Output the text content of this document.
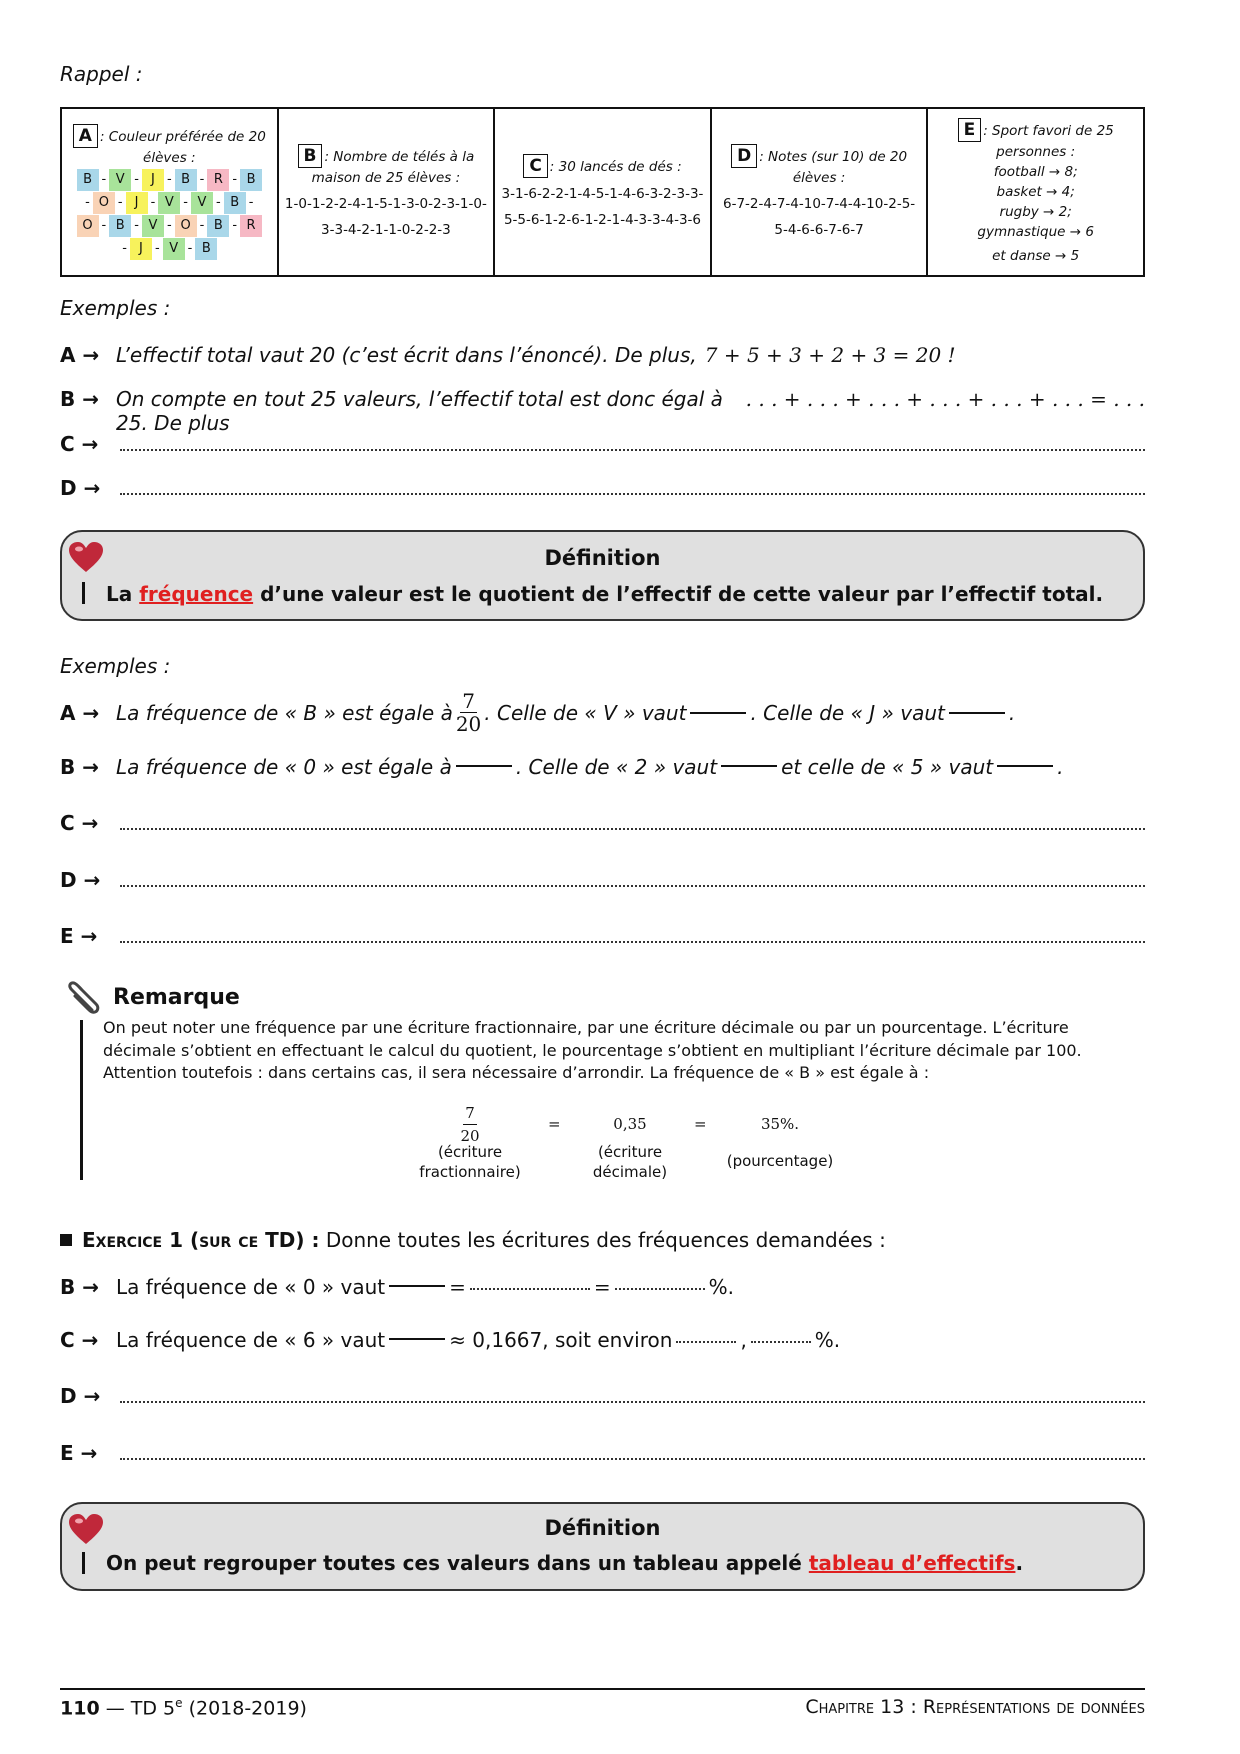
Rappel :
A : Couleur préférée de 20 élèves :
B - V - J - B - R - B
- O - J - V - V - B -
O - B - V - O - B - R
- J - V - B
B : Nombre de télés à la maison de 25 élèves :
1-0-1-2-2-4-1-5-1-3-0-2-3-1-0-
3-3-4-2-1-1-0-2-2-3
C : 30 lancés de dés :
3-1-6-2-2-1-4-5-1-4-6-3-2-3-3-
5-5-6-1-2-6-1-2-1-4-3-3-4-3-6
D : Notes (sur 10) de 20 élèves :
6-7-2-4-7-4-10-7-4-4-10-2-5-
5-4-6-6-7-6-7
E : Sport favori de 25 personnes :
football → 8;
basket → 4;
rugby → 2;
gymnastique → 6
et danse → 5
Exemples :
A → L’effectif total vaut 20 (c’est écrit dans l’énoncé). De plus, 7 + 5 + 3 + 2 + 3 = 20 !
B → On compte en tout 25 valeurs, l’effectif total est donc égal à 25. De plus
. . . + . . . + . . . + . . . + . . . + . . . = . . .
C →
D →
Définition
La fréquence d’une valeur est le quotient de l’effectif de cette valeur par l’effectif total.
Exemples :
A → La fréquence de « B » est égale à $\frac{7}{20}$ . Celle de « V » vaut	. Celle de « J » vaut	.
B → La fréquence de « 0 » est égale à	. Celle de « 2 » vaut	et celle de « 5 » vaut	.
C →
D →
E →
Remarque
On peut noter une fréquence par une écriture fractionnaire, par une écriture décimale ou par un pourcentage. L’écriture décimale s’obtient en effectuant le calcul du quotient, le pourcentage s’obtient en multipliant l’écriture décimale par 100. Attention toutefois : dans certains cas, il sera nécessaire d’arrondir. La fréquence de « B » est égale à :
$\frac{7}{20}$	=	0,35	=	35%.
(écriture fractionnaire)
(écriture décimale)
(pourcentage)
Exercice 1 (sur ce TD) : Donne toutes les écritures des fréquences demandées :
B → La fréquence de « 0 » vaut	=	=	%.
C → La fréquence de « 6 » vaut	≈ 0,1667, soit environ	,	%.
D →
E →
Définition
On peut regrouper toutes ces valeurs dans un tableau appelé tableau d’effectifs.
110 — TD 5e (2018-2019)	Chapitre 13 : Représentations de données
